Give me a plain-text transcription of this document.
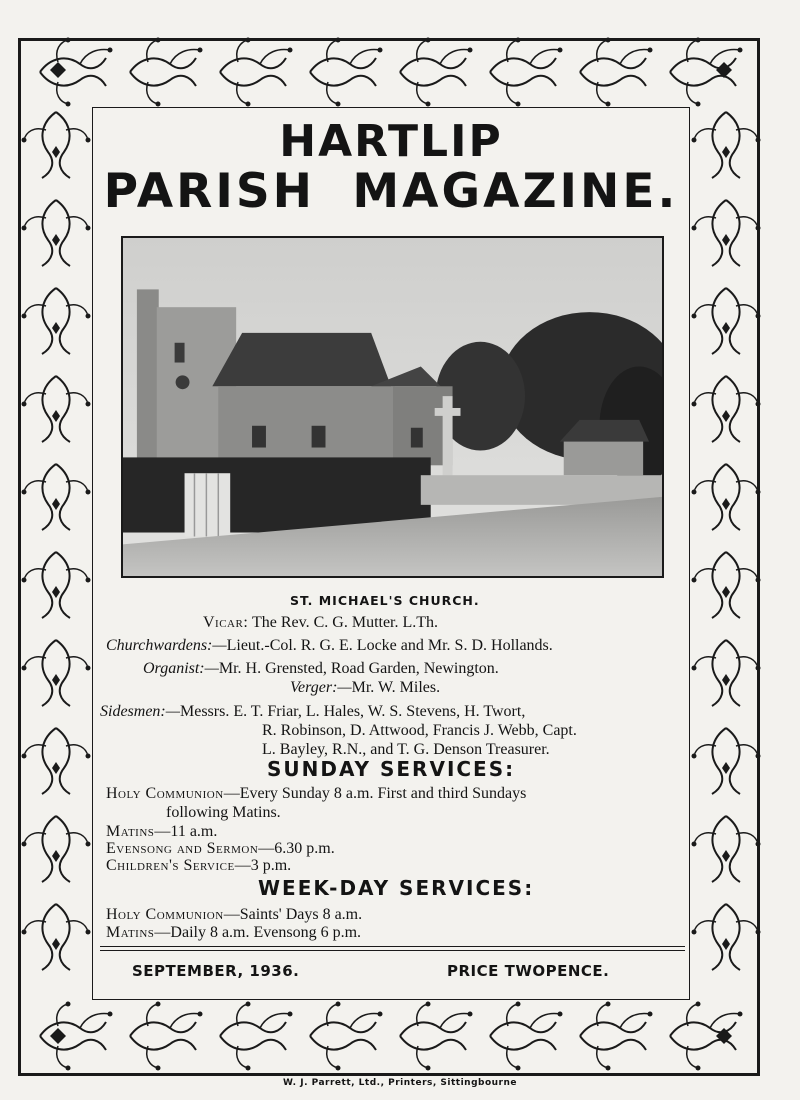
HARTLIP
PARISH MAGAZINE.

ST. MICHAEL'S CHURCH.

Vicar: The Rev. C. G. Mutter. L.Th.

Churchwardens:—Lieut.-Col. R. G. E. Locke and Mr. S. D. Hollands.

Organist:—Mr. H. Grensted, Road Garden, Newington.

Verger:—Mr. W. Miles.

Sidesmen:—Messrs. E. T. Friar, L. Hales, W. S. Stevens, H. Twort,

R. Robinson, D. Attwood, Francis J. Webb, Capt.

L. Bayley, R.N., and T. G. Denson Treasurer.

SUNDAY SERVICES:

Holy Communion—Every Sunday 8 a.m. First and third Sundays

following Matins.

Matins—11 a.m.

Evensong and Sermon—6.30 p.m.

Children's Service—3 p.m.

WEEK-DAY SERVICES:

Holy Communion—Saints' Days 8 a.m.

Matins—Daily 8 a.m. Evensong 6 p.m.

SEPTEMBER, 1936.	PRICE TWOPENCE.

W. J. Parrett, Ltd., Printers, Sittingbourne
